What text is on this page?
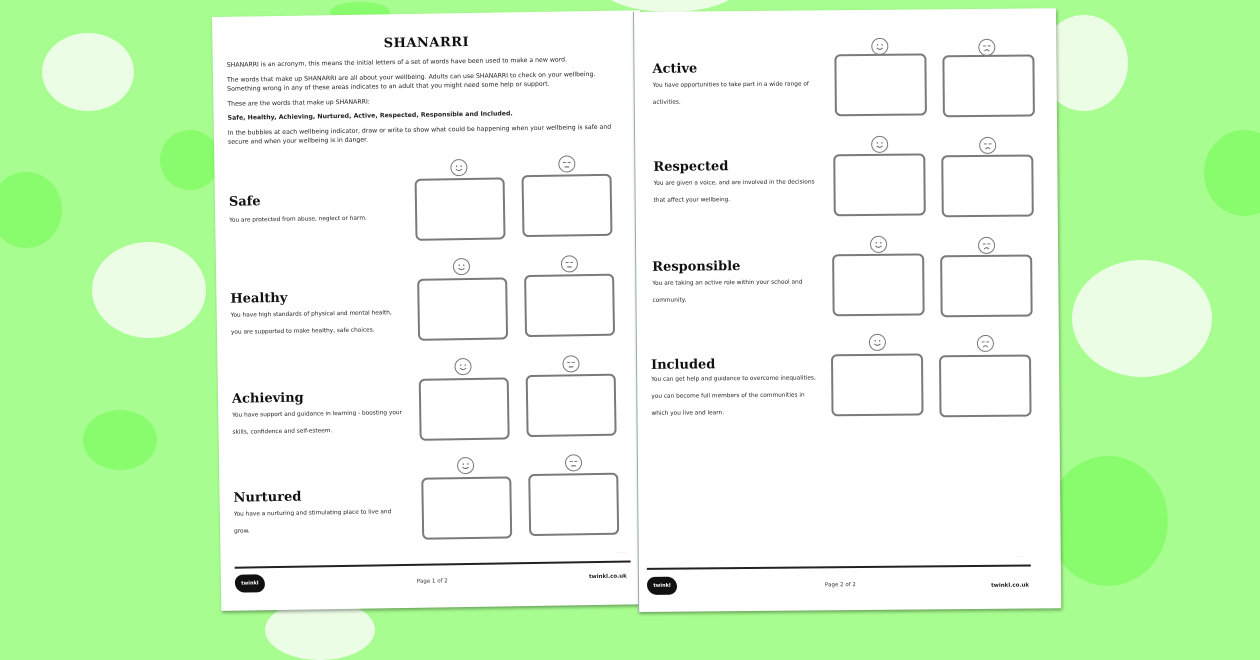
SHANARRI

SHANARRI is an acronym, this means the initial letters of a set of words have been used to make a new word.

The words that make up SHANARRI are all about your wellbeing. Adults can use SHANARRI to check on your wellbeing. Something wrong in any of these areas indicates to an adult that you might need some help or support.

These are the words that make up SHANARRI:

Safe, Healthy, Achieving, Nurtured, Active, Respected, Responsible and Included.

In the bubbles at each wellbeing indicator, draw or write to show what could be happening when your wellbeing is safe and secure and when your wellbeing is in danger.

Safe
You are protected from abuse, neglect or harm.
Healthy
You have high standards of physical and mental health, you are supported to make healthy, safe choices.
Achieving
You have support and guidance in learning - boosting your skills, confidence and self-esteem.
Nurtured
You have a nurturing and stimulating place to live and grow.
·······
twinkl	Page 1 of 2
twinkl.co.uk
Active
You have opportunities to take part in a wide range of activities.
Respected
You are given a voice, and are involved in the decisions that affect your wellbeing.
Responsible
You are taking an active role within your school and community.
Included
You can get help and guidance to overcome inequalities, you can become full members of the communities in which you live and learn.
·······
twinkl	Page 2 of 2	twinkl.co.uk
